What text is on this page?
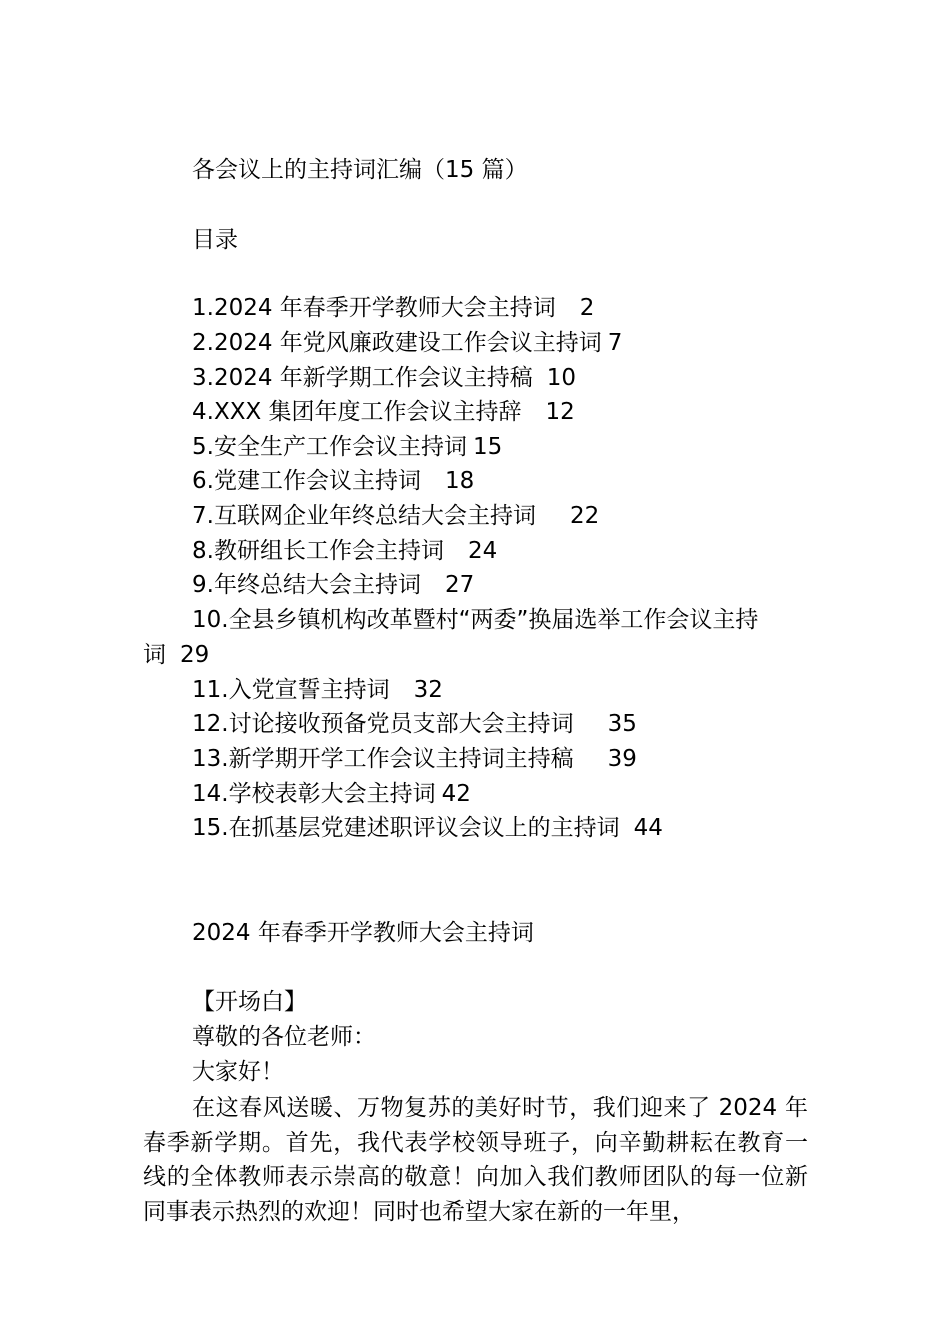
各会议上的主持词汇编（15 篇）
目录
1.2024 年春季开学教师大会主持词 2
2.2024 年党风廉政建设工作会议主持词 7
3.2024 年新学期工作会议主持稿 10
4.XXX 集团年度工作会议主持辞 12
5.安全生产工作会议主持词 15
6.党建工作会议主持词 18
7.互联网企业年终总结大会主持词 22
8.教研组长工作会主持词 24
9.年终总结大会主持词 27
10.全县乡镇机构改革暨村“两委”换届选举工作会议主持
词 29
11.入党宣誓主持词 32
12.讨论接收预备党员支部大会主持词 35
13.新学期开学工作会议主持词主持稿 39
14.学校表彰大会主持词 42
15.在抓基层党建述职评议会议上的主持词 44
2024 年春季开学教师大会主持词
【开场白】
尊敬的各位老师：
大家好！
在这春风送暖、万物复苏的美好时节，我们迎来了 2024 年春季新学期。首先，我代表学校领导班子，向辛勤耕耘在教育一线的全体教师表示崇高的敬意！向加入我们教师团队的每一位新同事表示热烈的欢迎！同时也希望大家在新的一年里，
